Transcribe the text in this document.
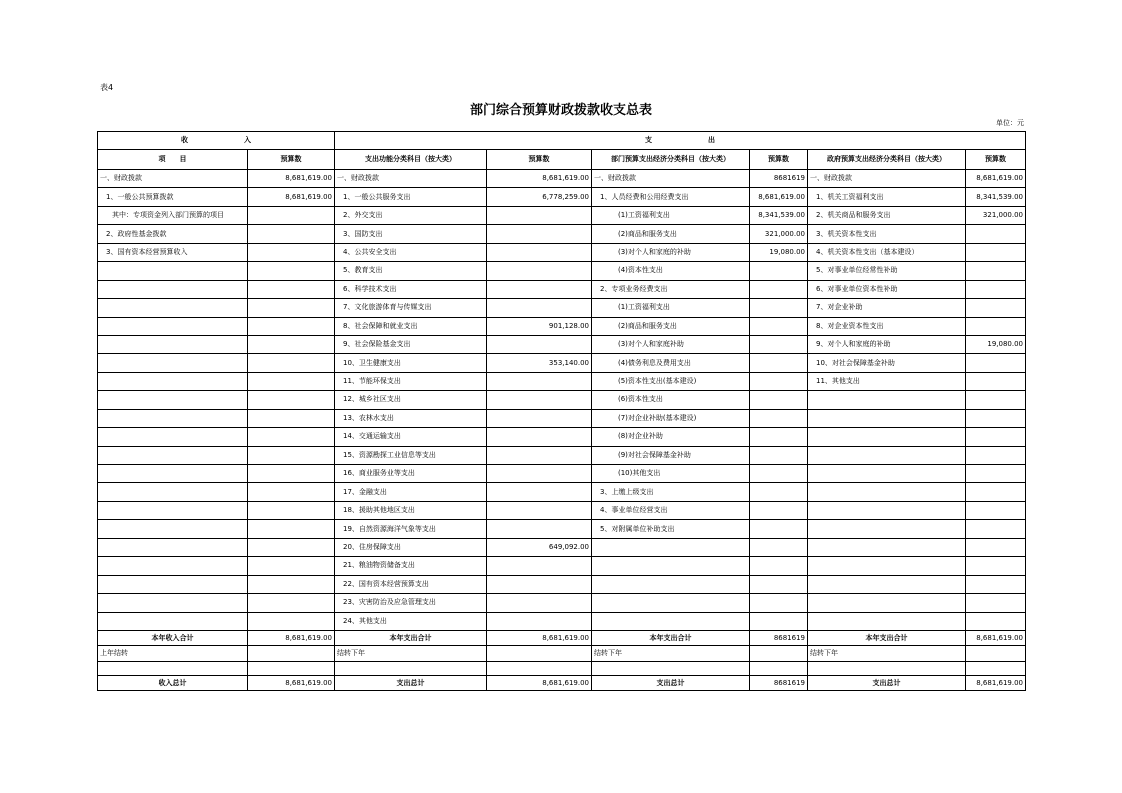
表4
部门综合预算财政拨款收支总表
单位：元
收　　　　　　　　入		支　　　　　　　　出					
项　　目	预算数	支出功能分类科目（按大类）	预算数	部门预算支出经济分类科目（按大类）	预算数	政府预算支出经济分类科目（按大类）	预算数
一、财政拨款	8,681,619.00	一、财政拨款	8,681,619.00	一、财政拨款	8681619	一、财政拨款	8,681,619.00
1、一般公共预算拨款	8,681,619.00	1、一般公共服务支出	6,778,259.00	1、人员经费和公用经费支出	8,681,619.00	1、机关工资福利支出	8,341,539.00
其中：专项资金列入部门预算的项目		2、外交支出		(1)工资福利支出	8,341,539.00	2、机关商品和服务支出	321,000.00
2、政府性基金拨款		3、国防支出		(2)商品和服务支出	321,000.00	3、机关资本性支出	
3、国有资本经营预算收入		4、公共安全支出		(3)对个人和家庭的补助	19,080.00	4、机关资本性支出（基本建设）	
		5、教育支出		(4)资本性支出		5、对事业单位经常性补助	
		6、科学技术支出		2、专项业务经费支出		6、对事业单位资本性补助	
		7、文化旅游体育与传媒支出		(1)工资福利支出		7、对企业补助	
		8、社会保障和就业支出	901,128.00	(2)商品和服务支出		8、对企业资本性支出	
		9、社会保险基金支出		(3)对个人和家庭补助		9、对个人和家庭的补助	19,080.00
		10、卫生健康支出	353,140.00	(4)债务利息及费用支出		10、对社会保障基金补助	
		11、节能环保支出		(5)资本性支出(基本建设)		11、其他支出	
		12、城乡社区支出		(6)资本性支出			
		13、农林水支出		(7)对企业补助(基本建设)			
		14、交通运输支出		(8)对企业补助			
		15、资源勘探工业信息等支出		(9)对社会保障基金补助			
		16、商业服务业等支出		(10)其他支出			
		17、金融支出		3、上缴上级支出			
		18、援助其他地区支出		4、事业单位经营支出			
		19、自然资源海洋气象等支出		5、对附属单位补助支出			
		20、住房保障支出	649,092.00				
		21、粮油物资储备支出					
		22、国有资本经营预算支出					
		23、灾害防治及应急管理支出					
		24、其他支出					
本年收入合计	8,681,619.00	本年支出合计	8,681,619.00	本年支出合计	8681619	本年支出合计	8,681,619.00
上年结转		结转下年		结转下年		结转下年	

收入总计	8,681,619.00	支出总计	8,681,619.00	支出总计	8681619	支出总计	8,681,619.00
